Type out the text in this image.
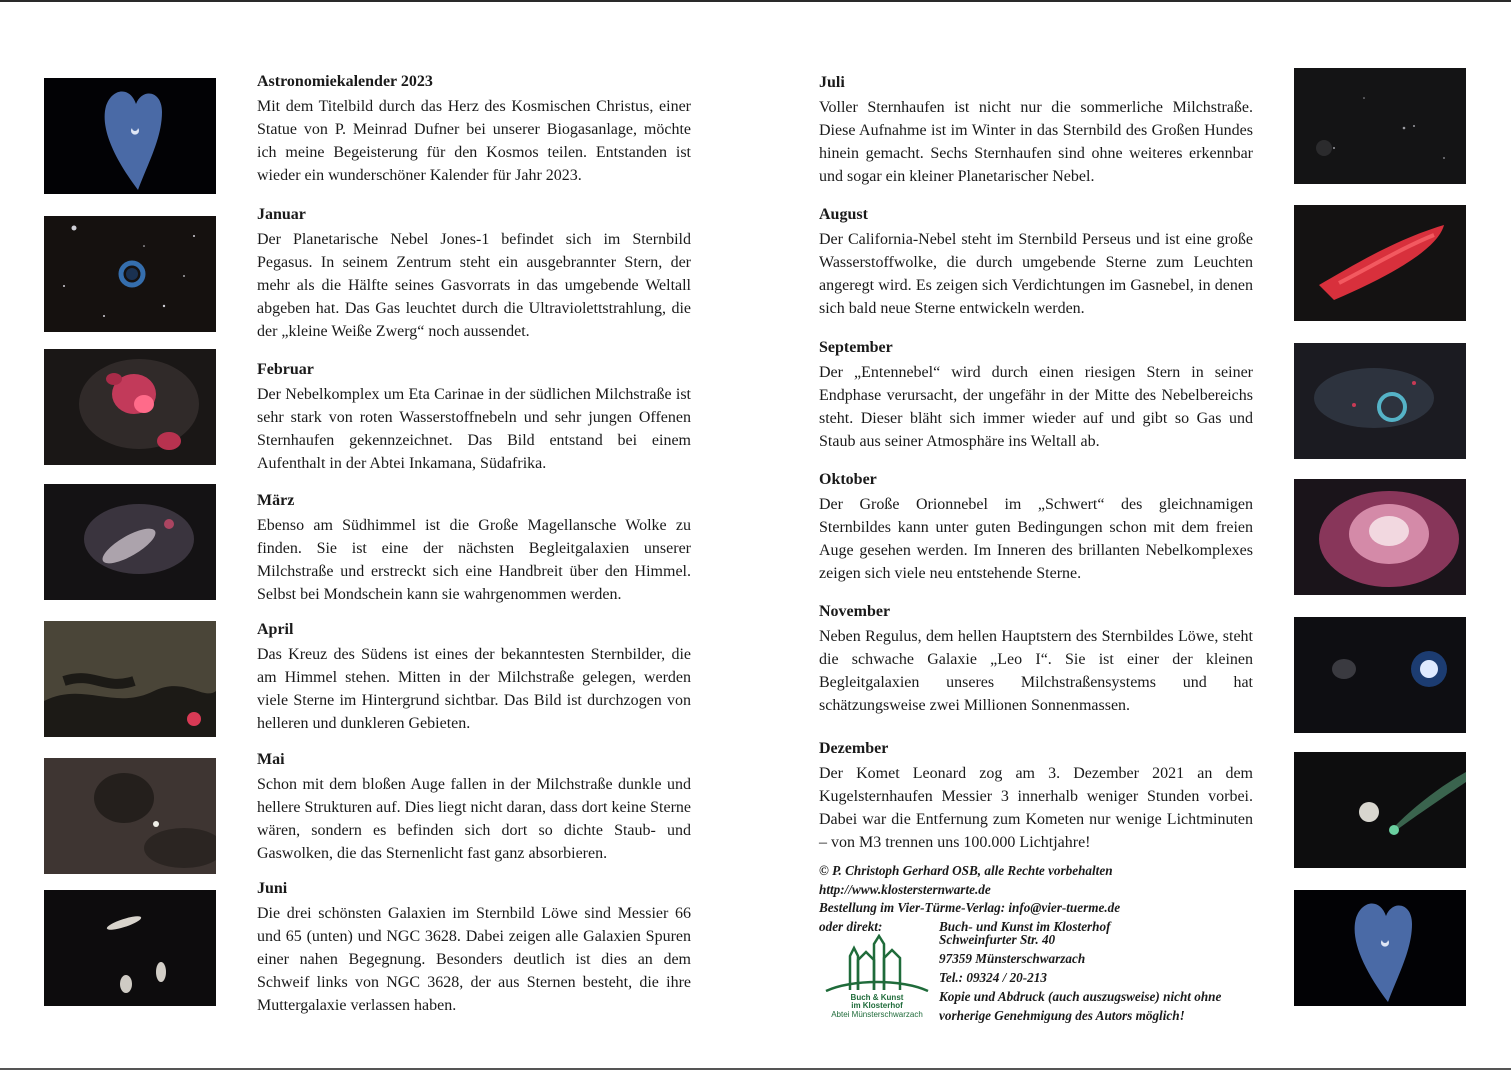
Astronomiekalender 2023

Mit dem Titelbild durch das Herz des Kosmischen Christus, einer Statue von P. Meinrad Dufner bei unserer Biogasanlage, möchte ich meine Begeisterung für den Kosmos teilen. Entstanden ist wieder ein wunderschöner Kalender für Jahr 2023.

Januar

Der Planetarische Nebel Jones-1 befindet sich im Sternbild Pegasus. In seinem Zentrum steht ein ausgebrannter Stern, der mehr als die Hälfte seines Gasvorrats in das umgebende Weltall abgeben hat. Das Gas leuchtet durch die Ultraviolettstrahlung, die der „kleine Weiße Zwerg“ noch aussendet.

Februar

Der Nebelkomplex um Eta Carinae in der südlichen Milchstraße ist sehr stark von roten Wasserstoffnebeln und sehr jungen Offenen Sternhaufen gekennzeichnet. Das Bild entstand bei einem Aufenthalt in der Abtei Inkamana, Südafrika.

März

Ebenso am Südhimmel ist die Große Magellansche Wolke zu finden. Sie ist eine der nächsten Begleitgalaxien unserer Milchstraße und erstreckt sich eine Handbreit über den Himmel. Selbst bei Mondschein kann sie wahrgenommen werden.

April

Das Kreuz des Südens ist eines der bekanntesten Sternbilder, die am Himmel stehen. Mitten in der Milchstraße gelegen, werden viele Sterne im Hintergrund sichtbar. Das Bild ist durchzogen von helleren und dunkleren Gebieten.

Mai

Schon mit dem bloßen Auge fallen in der Milchstraße dunkle und hellere Strukturen auf. Dies liegt nicht daran, dass dort keine Sterne wären, sondern es befinden sich dort so dichte Staub- und Gaswolken, die das Sternenlicht fast ganz absorbieren.

Juni

Die drei schönsten Galaxien im Sternbild Löwe sind Messier 66 und 65 (unten) und NGC 3628. Dabei zeigen alle Galaxien Spuren einer nahen Begegnung. Besonders deutlich ist dies an dem Schweif links von NGC 3628, der aus Sternen besteht, die ihre Muttergalaxie verlassen haben.

Juli

Voller Sternhaufen ist nicht nur die sommerliche Milchstraße. Diese Aufnahme ist im Winter in das Sternbild des Großen Hundes hinein gemacht. Sechs Sternhaufen sind ohne weiteres erkennbar und sogar ein kleiner Planetarischer Nebel.

August

Der California-Nebel steht im Sternbild Perseus und ist eine große Wasserstoffwolke, die durch umgebende Sterne zum Leuchten angeregt wird. Es zeigen sich Verdichtungen im Gasnebel, in denen sich bald neue Sterne entwickeln werden.

September

Der „Entennebel“ wird durch einen riesigen Stern in seiner Endphase verursacht, der ungefähr in der Mitte des Nebelbereichs steht. Dieser bläht sich immer wieder auf und gibt so Gas und Staub aus seiner Atmosphäre ins Weltall ab.

Oktober

Der Große Orionnebel im „Schwert“ des gleichnamigen Sternbildes kann unter guten Bedingungen schon mit dem freien Auge gesehen werden. Im Inneren des brillanten Nebelkomplexes zeigen sich viele neu entstehende Sterne.

November

Neben Regulus, dem hellen Hauptstern des Sternbildes Löwe, steht die schwache Galaxie „Leo I“. Sie ist einer der kleinen Begleitgalaxien unseres Milchstraßensystems und hat schätzungsweise zwei Millionen Sonnenmassen.

Dezember

Der Komet Leonard zog am 3. Dezember 2021 an dem Kugelsternhaufen Messier 3 innerhalb weniger Stunden vorbei. Dabei war die Entfernung zum Kometen nur wenige Lichtminuten – von M3 trennen uns 100.000 Lichtjahre!

© P. Christoph Gerhard OSB, alle Rechte vorbehalten
http://www.klostersternwarte.de
Bestellung im Vier-Türme-Verlag: info@vier-tuerme.de
oder direkt:	Buch- und Kunst im Klosterhof
Schweinfurter Str. 40
97359 Münsterschwarzach
Tel.: 09324 / 20-213
Kopie und Abdruck (auch auszugsweise) nicht ohne
vorherige Genehmigung des Autors möglich!
Buch & Kunst
im Klosterhof
Abtei Münsterschwarzach
